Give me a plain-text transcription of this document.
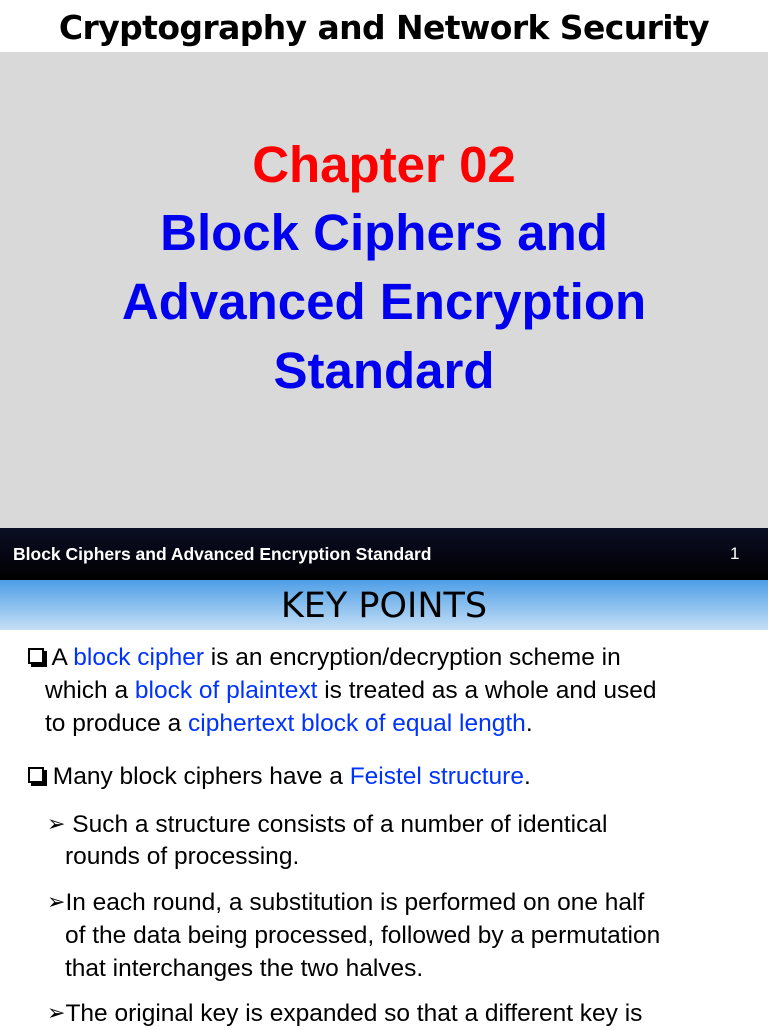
Cryptography and Network Security
Chapter 02
Block Ciphers and
Advanced Encryption
Standard
Block Ciphers and Advanced Encryption Standard	1
KEY POINTS
A block cipher is an encryption/decryption scheme in
which a block of plaintext is treated as a whole and used
to produce a ciphertext block of equal length.
Many block ciphers have a Feistel structure.
➢ Such a structure consists of a number of identical
rounds of processing.
➢In each round, a substitution is performed on one half
of the data being processed, followed by a permutation
that interchanges the two halves.
➢The original key is expanded so that a different key is
